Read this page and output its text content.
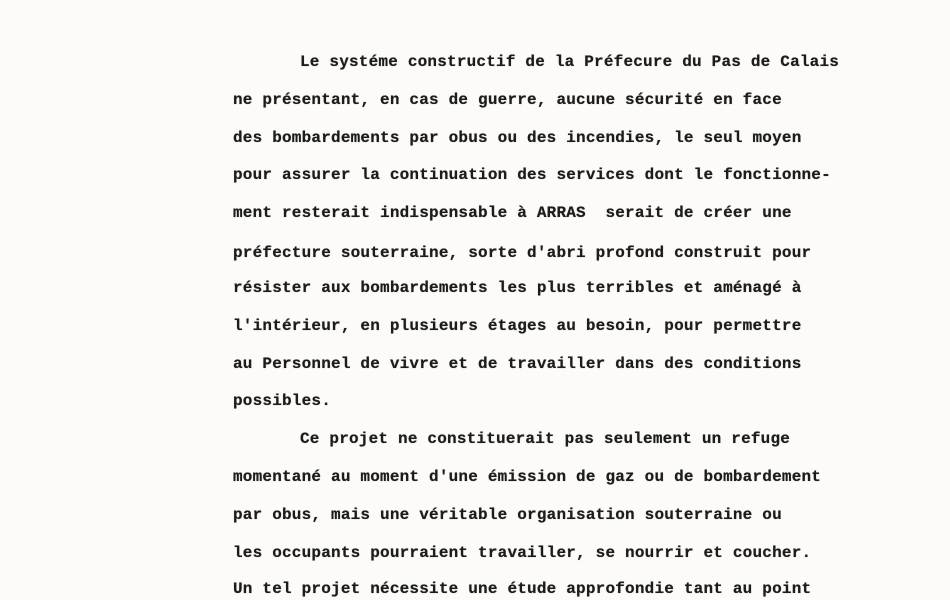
Le systéme constructif de la Préfecure du Pas de Calais
ne présentant, en cas de guerre, aucune sécurité en face
des bombardements par obus ou des incendies, le seul moyen
pour assurer la continuation des services dont le fonctionne-
ment resterait indispensable à ARRAS  serait de créer une
préfecture souterraine, sorte d'abri profond construit pour
résister aux bombardements les plus terribles et aménagé à
l'intérieur, en plusieurs étages au besoin, pour permettre
au Personnel de vivre et de travailler dans des conditions
possibles.
Ce projet ne constituerait pas seulement un refuge
momentané au moment d'une émission de gaz ou de bombardement
par obus, mais une véritable organisation souterraine ou
les occupants pourraient travailler, se nourrir et coucher.
Un tel projet nécessite une étude approfondie tant au point
